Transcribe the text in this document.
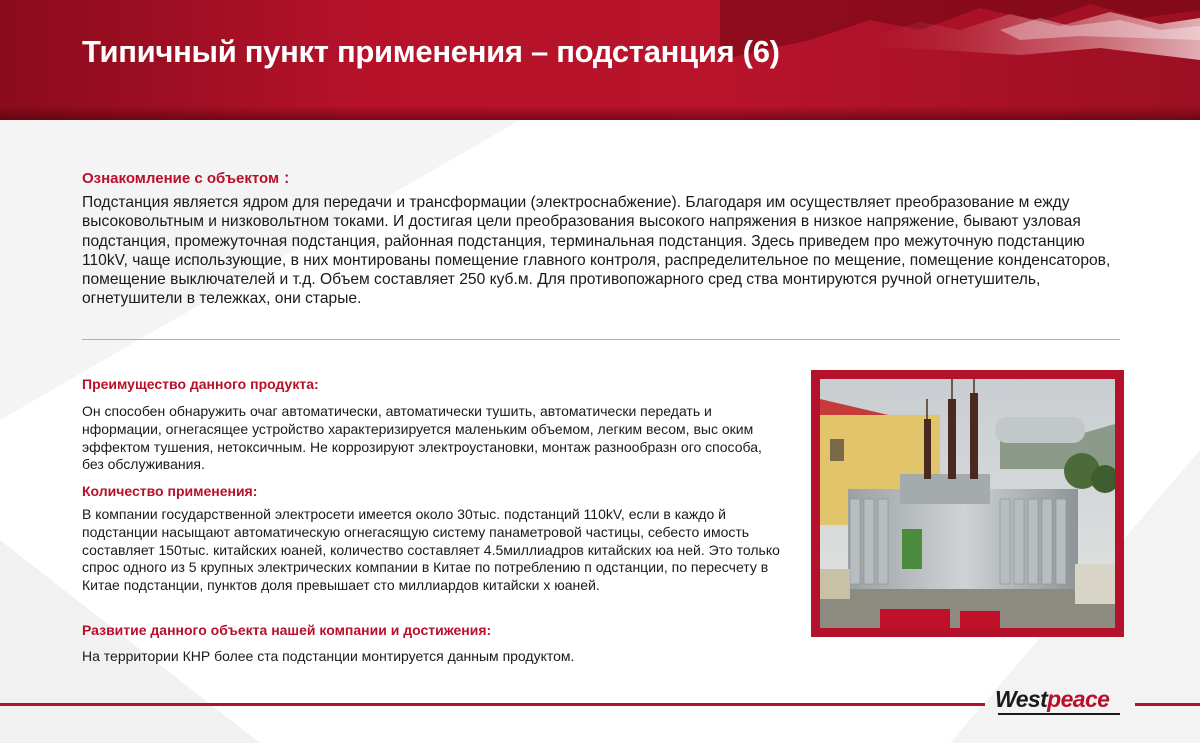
Типичный пункт применения – подстанция (6)
Ознакомление с объектом ：

Подстанция является ядром для передачи и трансформации (электроснабжение). Благодаря им осуществляет преобразование м ежду высоковольтным и низковольтном токами. И достигая цели преобразования высокого напряжения в низкое напряжение, бывают узловая подстанция, промежуточная подстанция, районная подстанция, терминальная подстанция. Здесь приведем про межуточную подстанцию 110kV, чаще использующие, в них монтированы помещение главного контроля, распределительное по мещение, помещение конденсаторов, помещение выключателей и т.д. Объем составляет 250 куб.м. Для противопожарного сред ства монтируются ручной огнетушитель, огнетушители в тележках, они старые.

Преимущество данного продукта:

Он способен обнаружить очаг автоматически, автоматически тушить, автоматически передать и нформации, огнегасящее устройство характеризируется маленьким объемом, легким весом, выс оким эффектом тушения, нетоксичным. Не коррозируют электроустановки, монтаж разнообразн ого способа, без обслуживания.

Количество применения:

В компании государственной электросети имеется около 30тыс. подстанций 110kV, если в каждо й подстанции насыщают автоматическую огнегасящую систему панаметровой частицы, себесто имость составляет 150тыс. китайских юаней, количество составляет 4.5миллиадров китайских юа ней. Это только спрос одного из 5 крупных электрических компании в Китае по потреблению п одстанции, по пересчету в Китае подстанции, пунктов доля превышает сто миллиардов китайски х юаней.

Развитие данного объекта нашей компании и достижения:

На территории КНР более ста подстанции монтируется данным продуктом.

Westpeace
